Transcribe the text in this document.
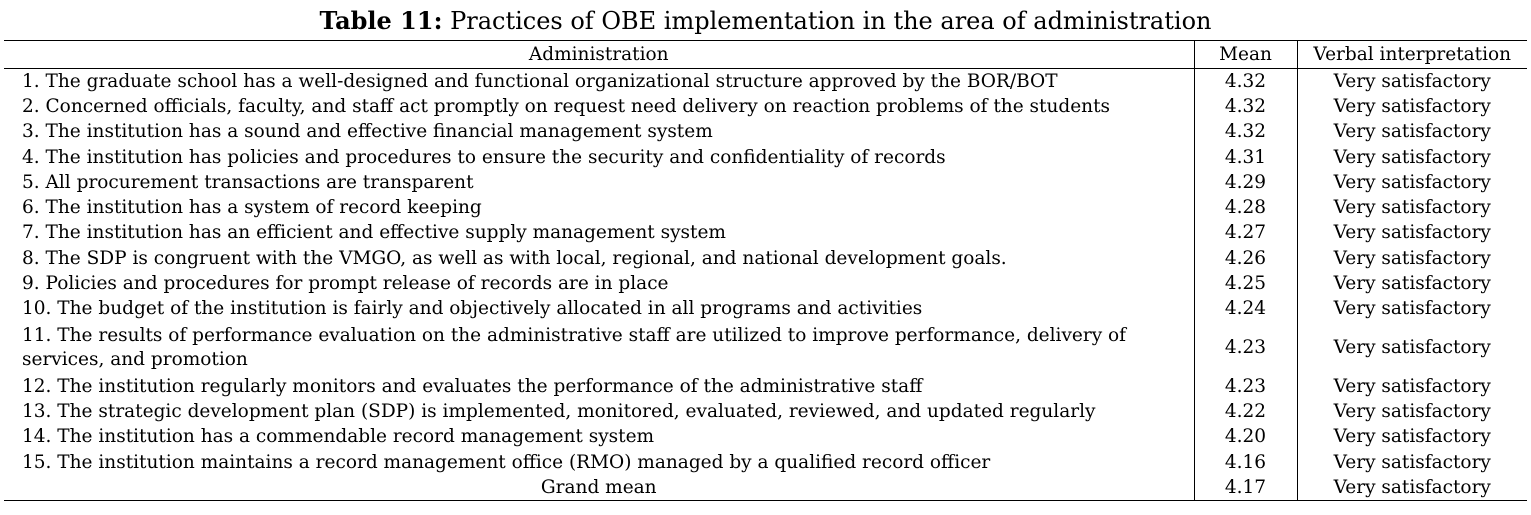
Table 11: Practices of OBE implementation in the area of administration
Administration	Mean	Verbal interpretation
1. The graduate school has a well-designed and functional organizational structure approved by the BOR/BOT	4.32	Very satisfactory
2. Concerned officials, faculty, and staff act promptly on request need delivery on reaction problems of the students	4.32	Very satisfactory
3. The institution has a sound and effective financial management system	4.32	Very satisfactory
4. The institution has policies and procedures to ensure the security and confidentiality of records	4.31	Very satisfactory
5. All procurement transactions are transparent	4.29	Very satisfactory
6. The institution has a system of record keeping	4.28	Very satisfactory
7. The institution has an efficient and effective supply management system	4.27	Very satisfactory
8. The SDP is congruent with the VMGO, as well as with local, regional, and national development goals.	4.26	Very satisfactory
9. Policies and procedures for prompt release of records are in place	4.25	Very satisfactory
10. The budget of the institution is fairly and objectively allocated in all programs and activities	4.24	Very satisfactory
11. The results of performance evaluation on the administrative staff are utilized to improve performance, delivery of services, and promotion	4.23	Very satisfactory
12. The institution regularly monitors and evaluates the performance of the administrative staff	4.23	Very satisfactory
13. The strategic development plan (SDP) is implemented, monitored, evaluated, reviewed, and updated regularly	4.22	Very satisfactory
14. The institution has a commendable record management system	4.20	Very satisfactory
15. The institution maintains a record management office (RMO) managed by a qualified record officer	4.16	Very satisfactory
Grand mean	4.17	Very satisfactory
